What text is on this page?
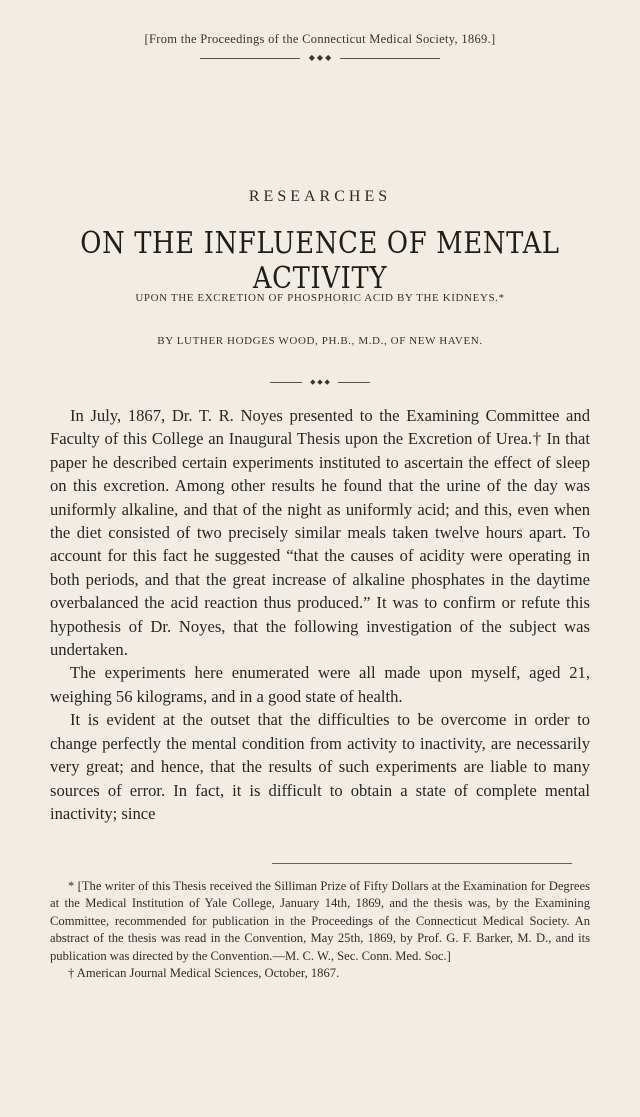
[From the Proceedings of the Connecticut Medical Society, 1869.]
◆ ◆ ◆
RESEARCHES
ON THE INFLUENCE OF MENTAL ACTIVITY
UPON THE EXCRETION OF PHOSPHORIC ACID BY THE KIDNEYS.*
BY LUTHER HODGES WOOD, PH.B., M.D., OF NEW HAVEN.
◆ ◆ ◆

In July, 1867, Dr. T. R. Noyes presented to the Examining Committee and Faculty of this College an Inaugural Thesis upon the Excretion of Urea.† In that paper he described certain experiments instituted to ascertain the effect of sleep on this excretion. Among other results he found that the urine of the day was uniformly alkaline, and that of the night as uniformly acid; and this, even when the diet consisted of two precisely similar meals taken twelve hours apart. To account for this fact he suggested “that the causes of acidity were operating in both periods, and that the great increase of alkaline phosphates in the daytime overbalanced the acid reaction thus produced.” It was to confirm or refute this hypothesis of Dr. Noyes, that the following investigation of the subject was undertaken.

The experiments here enumerated were all made upon myself, aged 21, weighing 56 kilograms, and in a good state of health.

It is evident at the outset that the difficulties to be overcome in order to change perfectly the mental condition from activity to inactivity, are necessarily very great; and hence, that the results of such experiments are liable to many sources of error. In fact, it is difficult to obtain a state of complete mental inactivity; since

* [The writer of this Thesis received the Silliman Prize of Fifty Dollars at the Examination for Degrees at the Medical Institution of Yale College, January 14th, 1869, and the thesis was, by the Examining Committee, recommended for publication in the Proceedings of the Connecticut Medical Society. An abstract of the thesis was read in the Convention, May 25th, 1869, by Prof. G. F. Barker, M. D., and its publication was directed by the Convention.—M. C. W., Sec. Conn. Med. Soc.]

† American Journal Medical Sciences, October, 1867.
